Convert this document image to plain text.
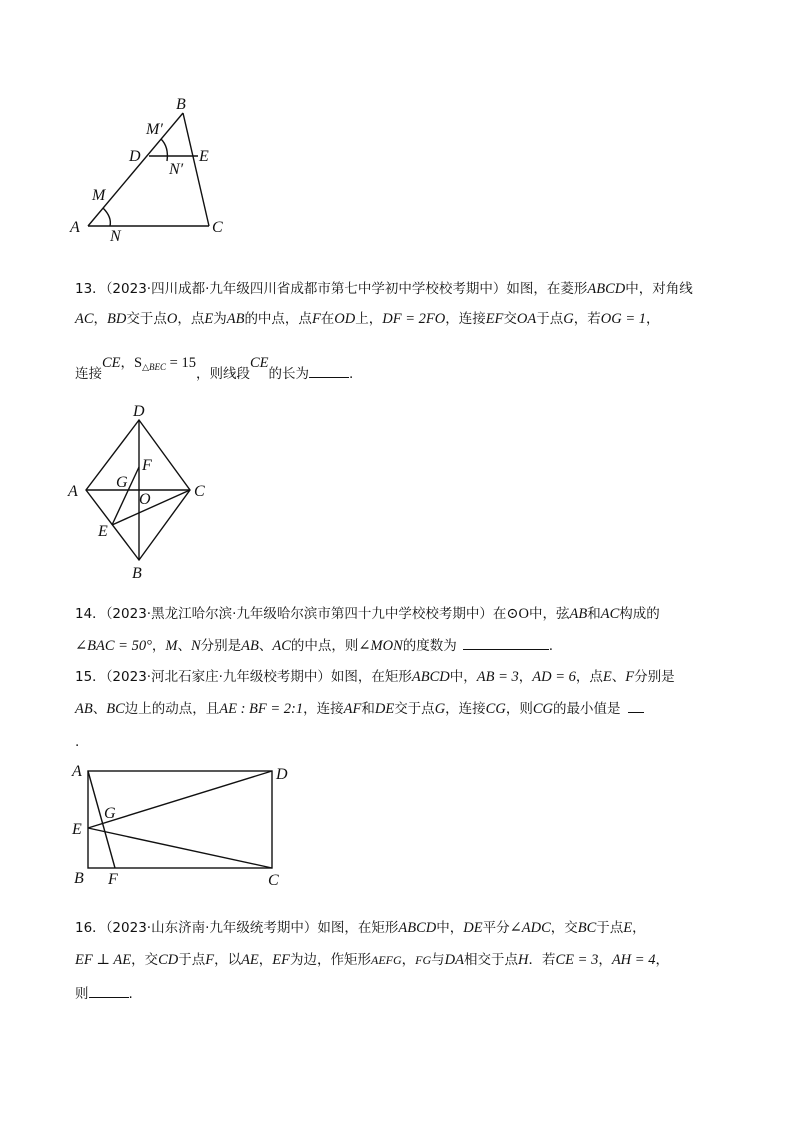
A
B
C
D	E
M
N
M′
N′
13．（2023·四川成都·九年级四川省成都市第七中学初中学校校考期中）如图，在菱形ABCD中，对角线
AC，BD交于点O，点E为AB的中点，点F在OD上，DF = 2FO，连接EF交OA于点G，若OG = 1，
连接CE，$S_{\triangle BEC} = 15$，则线段CE的长为	.
A
B
C
D
E
F
G
O
14．（2023·黑龙江哈尔滨·九年级哈尔滨市第四十九中学校校考期中）在⊙O中，弦AB和AC构成的
∠BAC = 50°，M、N分别是AB、AC的中点，则∠MON的度数为	.
15．（2023·河北石家庄·九年级校考期中）如图，在矩形ABCD中，AB = 3，AD = 6，点E、F分别是
AB、BC边上的动点，且AE : BF = 2:1，连接AF和DE交于点G，连接CG，则CG的最小值是
.
A
B	C
D
E
F
G
16．（2023·山东济南·九年级统考期中）如图，在矩形ABCD中，DE平分∠ADC，交BC于点E，
EF ⊥ AE，交CD于点F，以AE，EF为边，作矩形AEFG，FG与DA相交于点H．若CE = 3，AH = 4，
则	.
